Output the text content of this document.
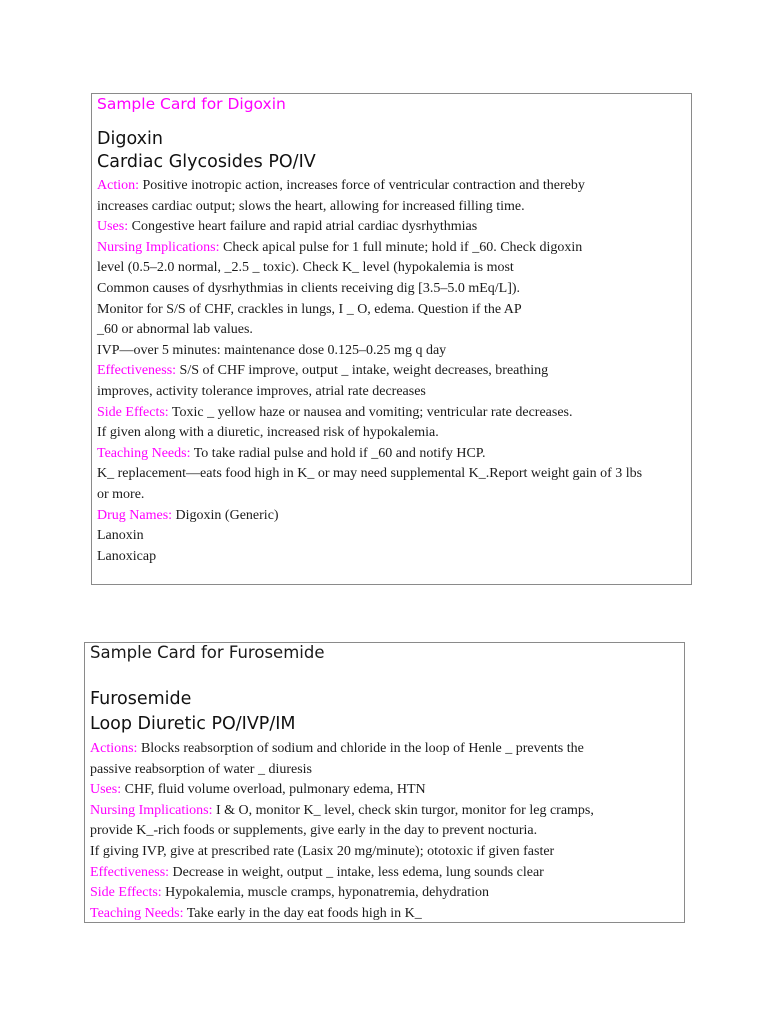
Sample Card for Digoxin
Digoxin
Cardiac Glycosides PO/IV
Action: Positive inotropic action, increases force of ventricular contraction and thereby
increases cardiac output; slows the heart, allowing for increased filling time.
Uses: Congestive heart failure and rapid atrial cardiac dysrhythmias
Nursing Implications: Check apical pulse for 1 full minute; hold if _60. Check digoxin
level (0.5–2.0 normal, _2.5 _ toxic). Check K_ level (hypokalemia is most
Common causes of dysrhythmias in clients receiving dig [3.5–5.0 mEq/L]).
Monitor for S/S of CHF, crackles in lungs, I _ O, edema. Question if the AP
_60 or abnormal lab values.
IVP—over 5 minutes: maintenance dose 0.125–0.25 mg q day
Effectiveness: S/S of CHF improve, output _ intake, weight decreases, breathing
improves, activity tolerance improves, atrial rate decreases
Side Effects: Toxic _ yellow haze or nausea and vomiting; ventricular rate decreases.
If given along with a diuretic, increased risk of hypokalemia.
Teaching Needs: To take radial pulse and hold if _60 and notify HCP.
K_ replacement—eats food high in K_ or may need supplemental K_.Report weight gain of 3 lbs
or more.
Drug Names: Digoxin (Generic)
Lanoxin
Lanoxicap
Sample Card for Furosemide
Furosemide
Loop Diuretic PO/IVP/IM
Actions: Blocks reabsorption of sodium and chloride in the loop of Henle _ prevents the
passive reabsorption of water _ diuresis
Uses: CHF, fluid volume overload, pulmonary edema, HTN
Nursing Implications: I & O, monitor K_ level, check skin turgor, monitor for leg cramps,
provide K_-rich foods or supplements, give early in the day to prevent nocturia.
If giving IVP, give at prescribed rate (Lasix 20 mg/minute); ototoxic if given faster
Effectiveness: Decrease in weight, output _ intake, less edema, lung sounds clear
Side Effects: Hypokalemia, muscle cramps, hyponatremia, dehydration
Teaching Needs: Take early in the day eat foods high in K_
